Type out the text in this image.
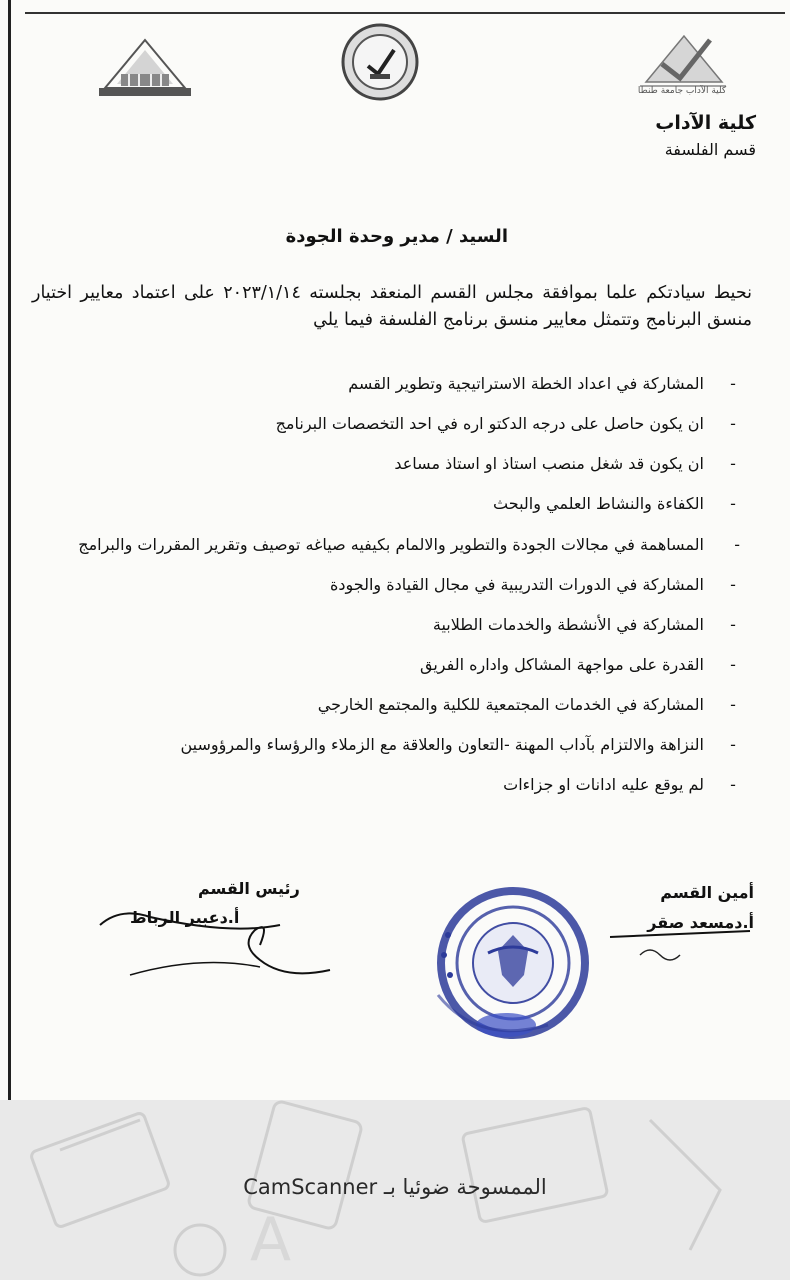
كلية الآداب جامعة طنطا
كلية الآداب
قسم الفلسفة
السيد / مدير وحدة الجودة
نحيط سيادتكم علما بموافقة مجلس القسم المنعقد بجلسته ٢٠٢٣/١/١٤ على اعتماد معايير اختيار منسق البرنامج وتتمثل معايير منسق برنامج الفلسفة فيما يلي
-
المشاركة في اعداد الخطة الاستراتيجية وتطوير القسم
-
ان يكون حاصل على درجه الدكتو اره في احد التخصصات البرنامج
-
ان يكون قد شغل منصب استاذ او استاذ مساعد
-
الكفاءة والنشاط العلمي والبحث
-
المساهمة في مجالات الجودة والتطوير والالمام بكيفيه صياغه توصيف وتقرير المقررات والبرامج
-
المشاركة في الدورات التدريبية في مجال القيادة والجودة
-
المشاركة في الأنشطة والخدمات الطلابية
-
القدرة على مواجهة المشاكل واداره الفريق
-
المشاركة في الخدمات المجتمعية للكلية والمجتمع الخارجي
-
النزاهة والالتزام بآداب المهنة -التعاون والعلاقة مع الزملاء والرؤساء والمرؤوسين
-
لم يوقع عليه ادانات او جزاءات
أمين القسم
أ.دمسعد صقر
رئيس القسم
أ.دعبير الرباط
A
الممسوحة ضوئيا بـ CamScanner
